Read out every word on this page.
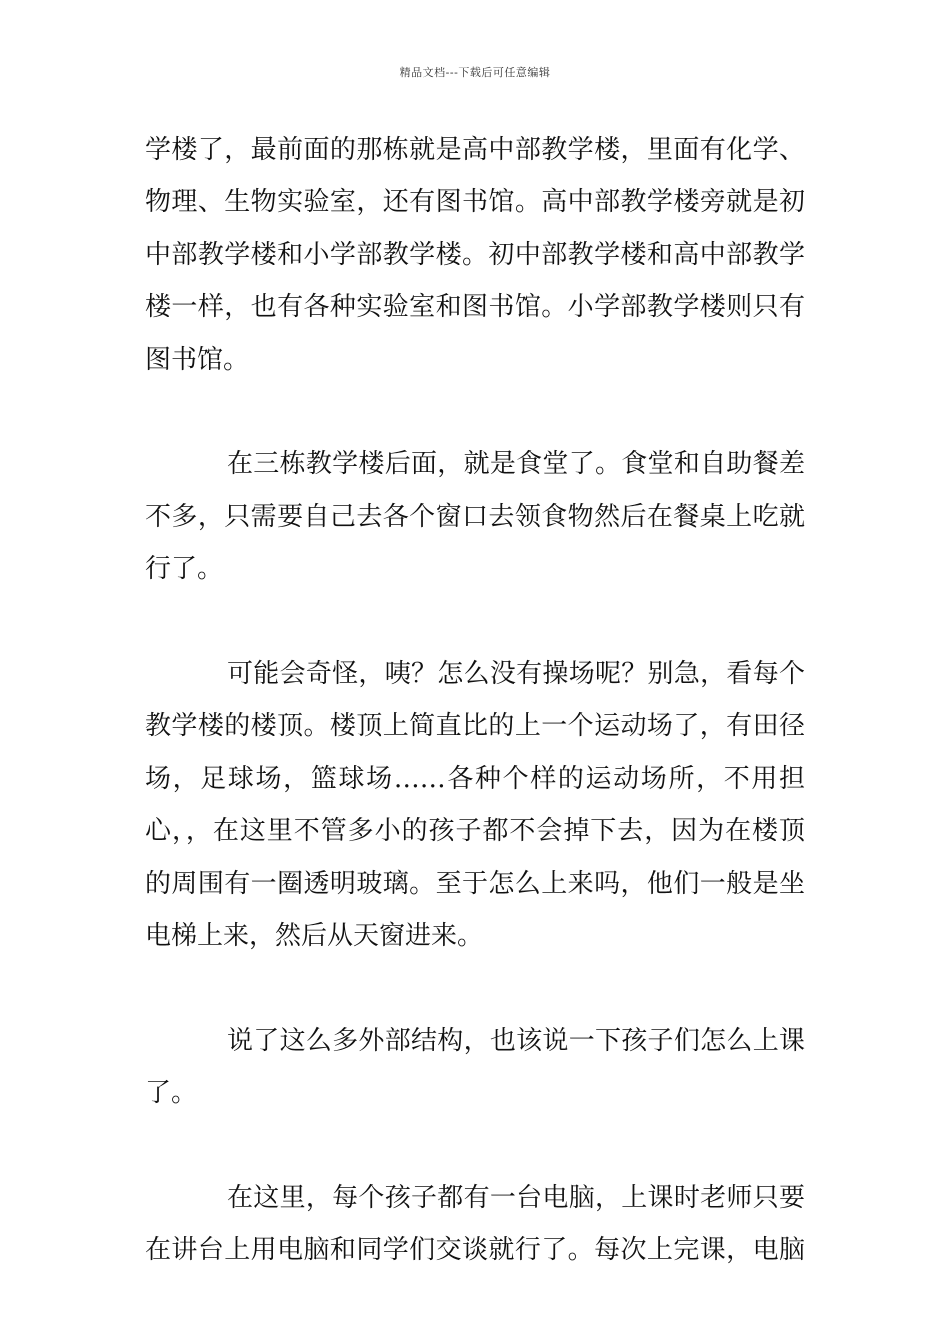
精品文档---下载后可任意编辑

学楼了，最前面的那栋就是高中部教学楼，里面有化学、
物理、生物实验室，还有图书馆。高中部教学楼旁就是初
中部教学楼和小学部教学楼。初中部教学楼和高中部教学
楼一样，也有各种实验室和图书馆。小学部教学楼则只有
图书馆。

在三栋教学楼后面，就是食堂了。食堂和自助餐差
不多，只需要自己去各个窗口去领食物然后在餐桌上吃就
行了。

可能会奇怪，咦？怎么没有操场呢？别急，看每个
教学楼的楼顶。楼顶上简直比的上一个运动场了，有田径
场，足球场，篮球场……各种个样的运动场所，不用担
心，，在这里不管多小的孩子都不会掉下去，因为在楼顶
的周围有一圈透明玻璃。至于怎么上来吗，他们一般是坐
电梯上来，然后从天窗进来。

说了这么多外部结构，也该说一下孩子们怎么上课
了。

在这里，每个孩子都有一台电脑，上课时老师只要
在讲台上用电脑和同学们交谈就行了。每次上完课，电脑
